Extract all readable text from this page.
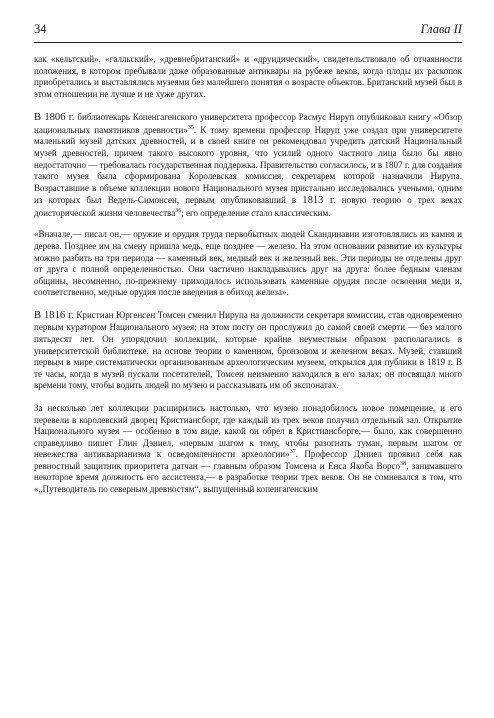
34	Глава II

как «кельтский», «галльский», «древнебританский» и «друидический», свидетельствовало об отчаянности положения, в котором пребывали даже образованные антиквары на рубеже веков, когда плоды их раскопок приобретались и выставлялись музеями без малейшего понятия о возрасте объектов. Британский музей был в этом отношении не лучше и не хуже других.

В 1806 г. библиотекарь Копенгагенского университета профессор Расмус Нируп опубликовал книгу «Обзор национальных памятников древности»$^{35}$. К тому времени профессор Нируп уже создал при университете маленький музей датских древностей, и в своей книге он рекомендовал учредить датский Национальный музей древностей, причем такого высокого уровня, что усилий одного частного лица было бы явно недостаточно — требовалась государственная поддержка. Правительство согласилось, и в 1807 г. для создания такого музея была сформирована Королевская комиссия, секретарем которой назначили Нирупа. Возраставшие в объеме коллекции нового Национального музея пристально исследовались учеными, одним из которых был Ведель-Симонсен, первым опубликовавший в 1813 г. новую теорию о трех веках доисторической жизни человечества$^{36}$; его определение стало классическим.

«Вначале,— писал он,— оружие и орудия труда первобытных людей Скандинавии изготовлялись из камня и дерева. Позднее им на смену пришла медь, еще позднее — железо. На этом основании развитие их культуры можно разбить на три периода — каменный век, медный век и железный век. Эти периоды не отделены друг от друга с полной определенностью. Они частично накладывались друг на друга: более бедным членам общины, несомненно, по-прежнему приходилось использовать каменные орудия после освоения меди и, соответственно, медные орудия после введения в обиход железа».

В 1816 г. Кристиан Юргенсен Томсен сменил Нирупа на должности секретаря комиссии, став одновременно первым куратором Национального музея; на этом посту он прослужил до самой своей смерти — без малого пятьдесят лет. Он упорядочил коллекции, которые крайне неуместным образом располагались в университетской библиотеке, на основе теории о каменном, бронзовом и железном веках. Музей, ставший первым в мире систематически организованным археологическим музеем, открылся для публики в 1819 г. В те часы, когда в музей пускали посетителей, Томсен неизменно находился в его залах; он посвящал много времени тому, чтобы водить людей по музею и рассказывать им об экспонатах.

За несколько лет коллекции расширились настолько, что музею понадобилось новое помещение, и его перевели в королевский дворец Кристиансборг, где каждый из трех веков получил отдельный зал. Открытие Национального музея — особенно в том виде, какой он обрел в Кристиансборге,— было, как совершенно справедливо пишет Глин Дэниел, «первым шагом к тому, чтобы разогнать туман, первым шагом от невежества антикварианизма к осведомленности археологии»$^{37}$. Профессор Дэниел проявил себя как ревностный защитник приоритета датчан — главным образом Томсена и Енса Якоба Ворсо$^{38}$, занимавшего некоторое время должность его ассистента,— в разработке теории трех веков. Он не сомневался в том, что «„Путеводитель по северным древностям“, выпущенный копенгагенским
